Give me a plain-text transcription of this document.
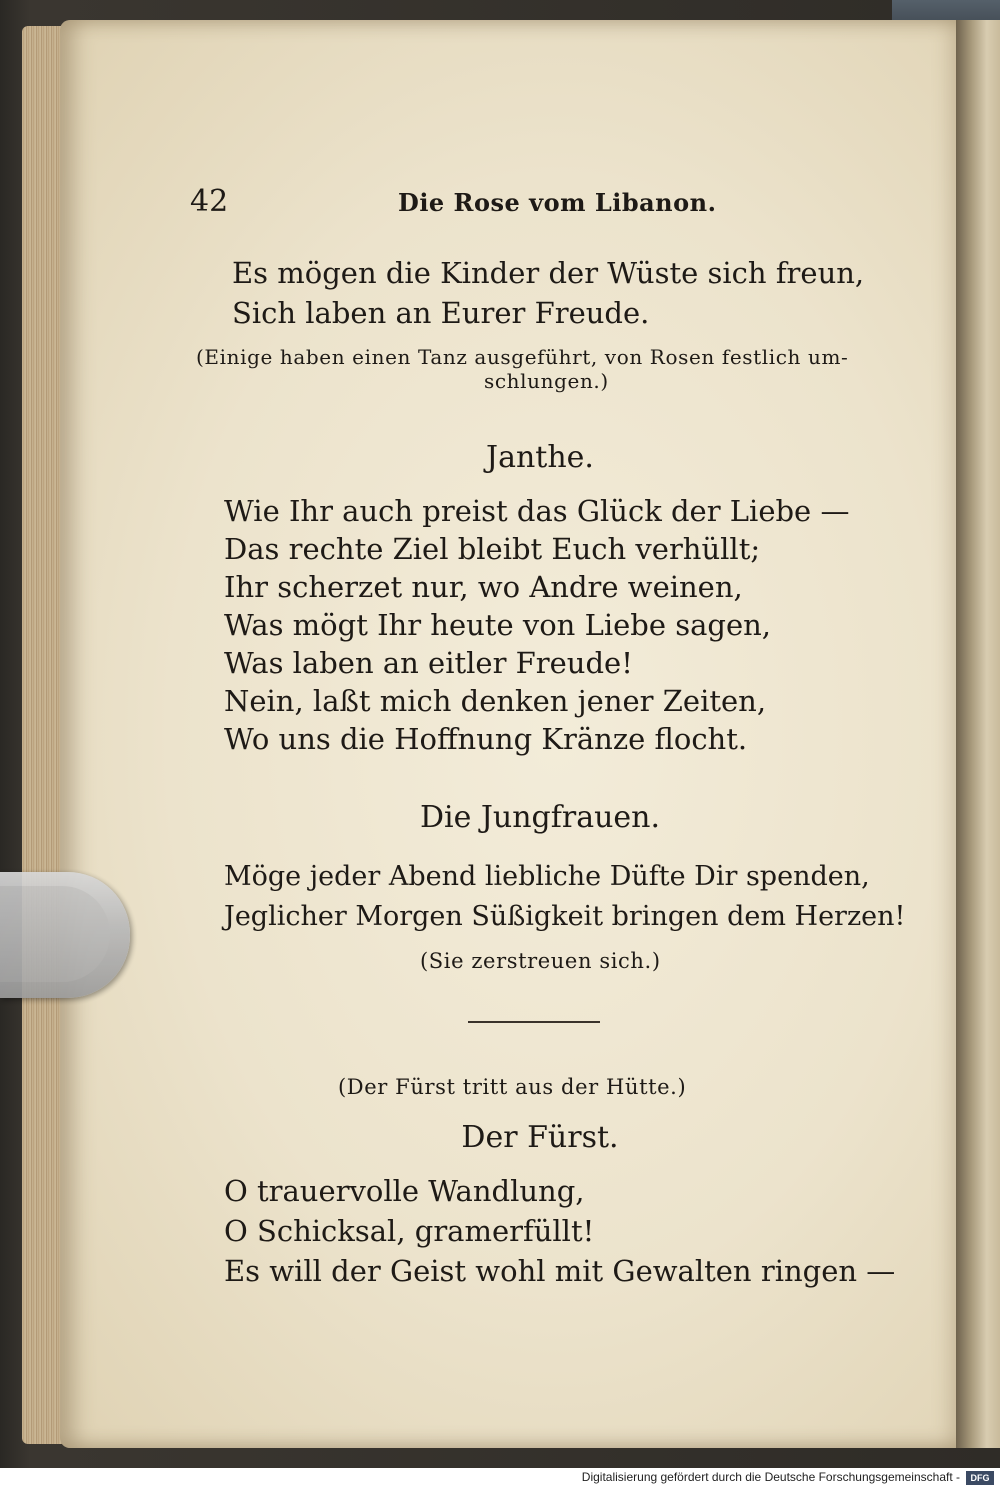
42	Die Rose vom Libanon.
Es mögen die Kinder der Wüste sich freun,
Sich laben an Eurer Freude.
(Einige haben einen Tanz ausgeführt, von Rosen festlich um-
schlungen.)
Janthe.
Wie Ihr auch preist das Glück der Liebe —
Das rechte Ziel bleibt Euch verhüllt;
Ihr scherzet nur, wo Andre weinen,
Was mögt Ihr heute von Liebe sagen,
Was laben an eitler Freude!
Nein, laßt mich denken jener Zeiten,
Wo uns die Hoffnung Kränze flocht.
Die Jungfrauen.
Möge jeder Abend liebliche Düfte Dir spenden,
Jeglicher Morgen Süßigkeit bringen dem Herzen!
(Sie zerstreuen sich.)
(Der Fürst tritt aus der Hütte.)
Der Fürst.
O trauervolle Wandlung,
O Schicksal, gramerfüllt!
Es will der Geist wohl mit Gewalten ringen —
Digitalisierung gefördert durch die Deutsche Forschungsgemeinschaft -	DFG
